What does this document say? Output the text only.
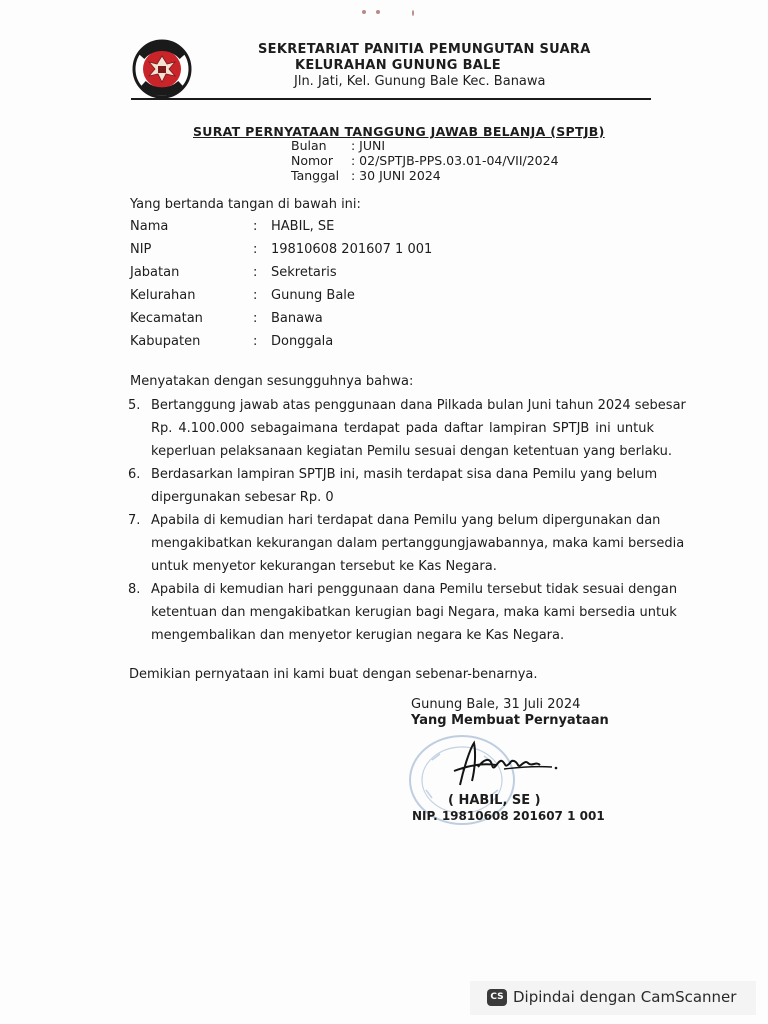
SEKRETARIAT PANITIA PEMUNGUTAN SUARA
KELURAHAN GUNUNG BALE
Jln. Jati, Kel. Gunung Bale Kec. Banawa
SURAT PERNYATAAN TANGGUNG JAWAB BELANJA (SPTJB)
Bulan : JUNI
Nomor : 02/SPTJB-PPS.03.01-04/VII/2024
Tanggal : 30 JUNI 2024
Yang bertanda tangan di bawah ini:
Nama	: HABIL, SE
NIP	: 19810608 201607 1 001
Jabatan	: Sekretaris
Kelurahan	: Gunung Bale
Kecamatan	: Banawa
Kabupaten	: Donggala
Menyatakan dengan sesungguhnya bahwa:
5. Bertanggung jawab atas penggunaan dana Pilkada bulan Juni tahun 2024 sebesar
Rp. 4.100.000 sebagaimana terdapat pada daftar lampiran SPTJB ini untuk
keperluan pelaksanaan kegiatan Pemilu sesuai dengan ketentuan yang berlaku.
6. Berdasarkan lampiran SPTJB ini, masih terdapat sisa dana Pemilu yang belum
dipergunakan sebesar Rp. 0
7. Apabila di kemudian hari terdapat dana Pemilu yang belum dipergunakan dan
mengakibatkan kekurangan dalam pertanggungjawabannya, maka kami bersedia
untuk menyetor kekurangan tersebut ke Kas Negara.
8. Apabila di kemudian hari penggunaan dana Pemilu tersebut tidak sesuai dengan
ketentuan dan mengakibatkan kerugian bagi Negara, maka kami bersedia untuk
mengembalikan dan menyetor kerugian negara ke Kas Negara.
Demikian pernyataan ini kami buat dengan sebenar-benarnya.
Gunung Bale, 31 Juli 2024
Yang Membuat Pernyataan
( HABIL, SE )
NIP. 19810608 201607 1 001
CS Dipindai dengan CamScanner
